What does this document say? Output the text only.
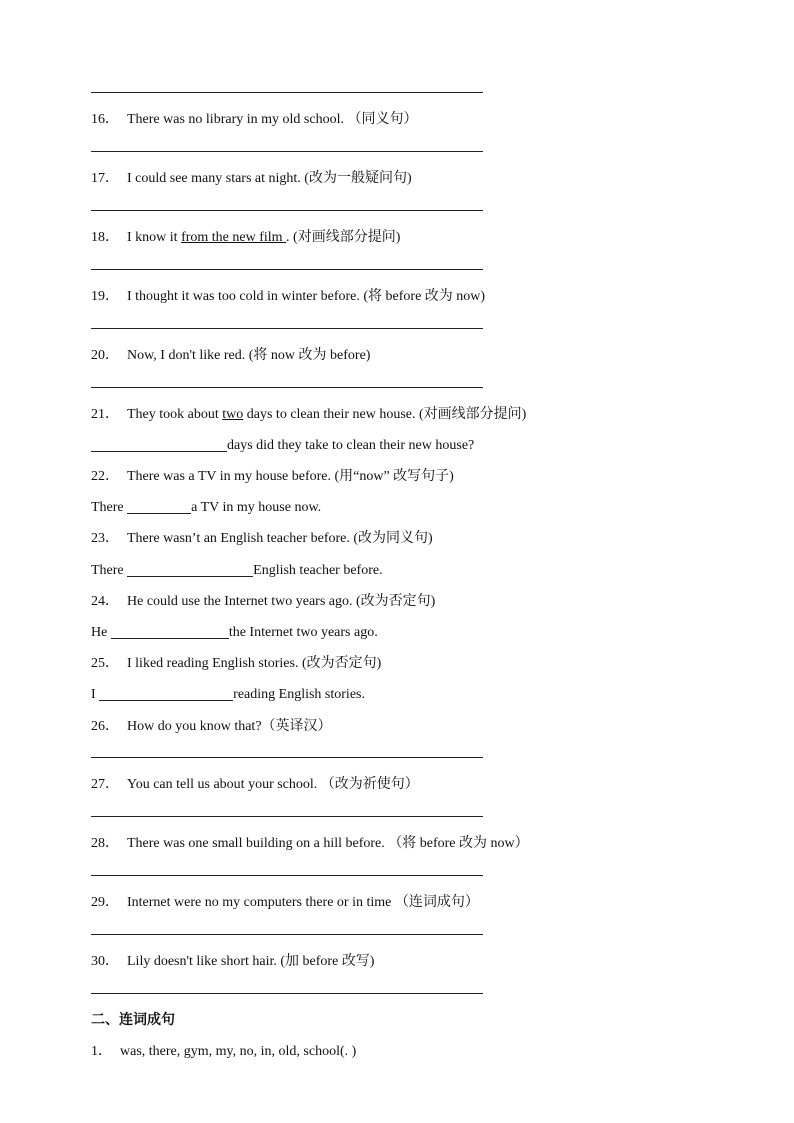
16． There was no library in my old school. （同义句）
17． I could see many stars at night. (改为一般疑问句)
18． I know it from the new film . (对画线部分提问)
19． I thought it was too cold in winter before. (将 before 改为 now)
20． Now, I don't like red. (将 now 改为 before)
21． They took about two days to clean their new house. (对画线部分提问)
days did they take to clean their new house?
22． There was a TV in my house before. (用“now” 改写句子)
There	a TV in my house now.
23． There wasn’t an English teacher before. (改为同义句)
There	English teacher before.
24． He could use the Internet two years ago. (改为否定句)
He	the Internet two years ago.
25． I liked reading English stories. (改为否定句)
I	reading English stories.
26． How do you know that?（英译汉）
27． You can tell us about your school. （改为祈使句）
28． There was one small building on a hill before. （将 before 改为 now）
29． Internet were no my computers there or in time （连词成句）
30． Lily doesn't like short hair. (加 before 改写)
二、连词成句
1． was, there, gym, my, no, in, old, school(. )
